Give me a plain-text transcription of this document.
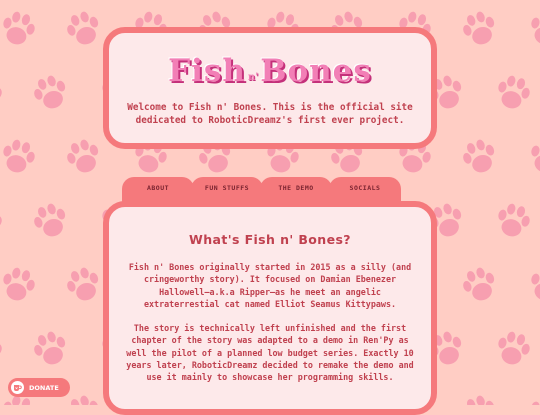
Fish n' Bones
Welcome to Fish n' Bones. This is the official site dedicated to RoboticDreamz's first ever project.
ABOUT	FUN STUFFS	THE DEMO	SOCIALS
What's Fish n' Bones?
Fish n' Bones originally started in 2015 as a silly (and cringeworthy story). It focused on Damian Ebenezer Hallowell—a.k.a Ripper—as he meet an angelic extraterrestial cat named Elliot Seamus Kittypaws.
The story is technically left unfinished and the first chapter of the story was adapted to a demo in Ren'Py as well the pilot of a planned low budget series. Exactly 10 years later, RoboticDreamz decided to remake the demo and use it mainly to showcase her programming skills.
DONATE
